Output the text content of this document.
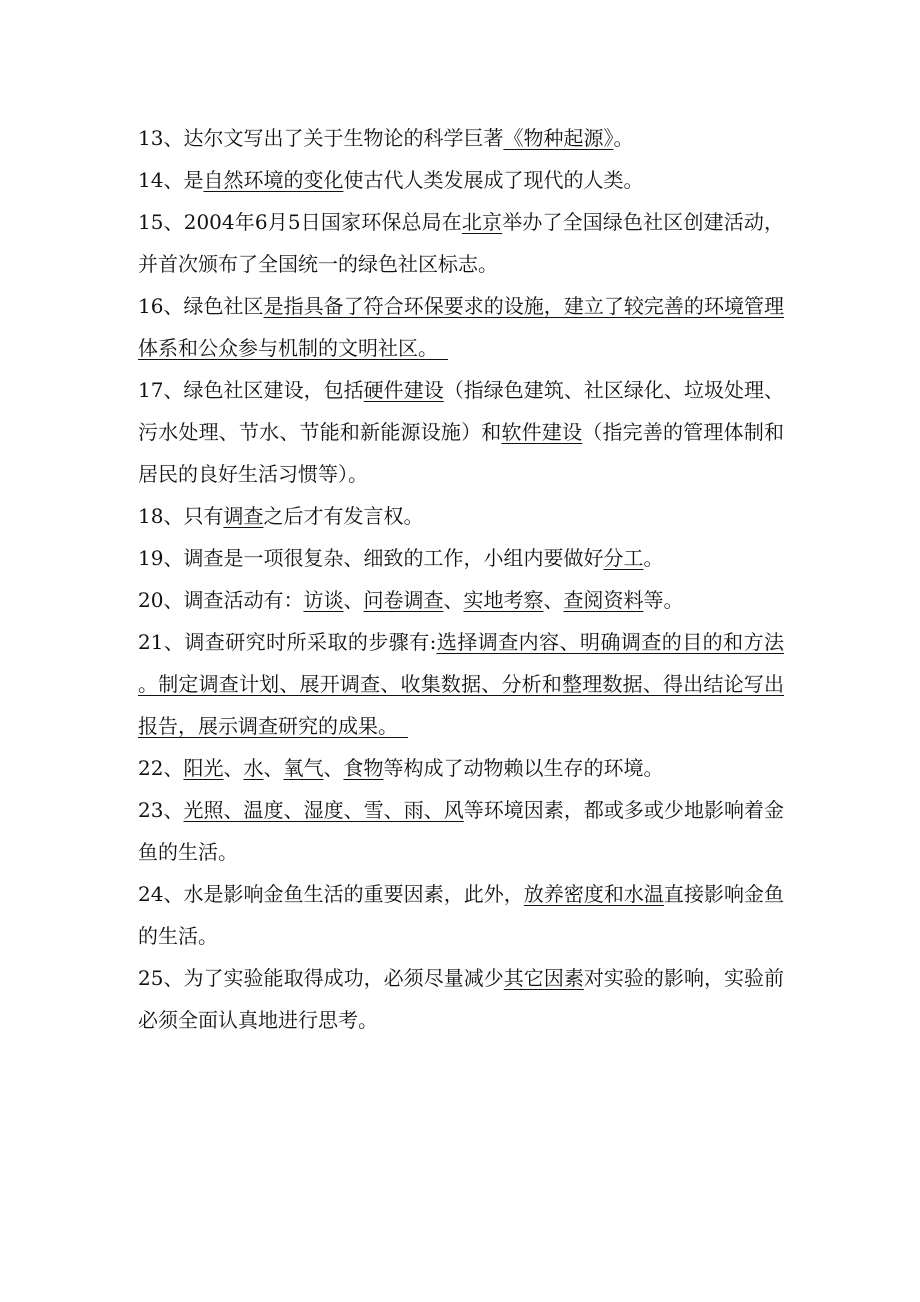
13、达尔文写出了关于生物论的科学巨著《物种起源》。

14、是自然环境的变化使古代人类发展成了现代的人类。

15、2004年6月5日国家环保总局在北京举办了全国绿色社区创建活动，并首次颁布了全国统一的绿色社区标志。

16、绿色社区是指具备了符合环保要求的设施，建立了较完善的环境管理体系和公众参与机制的文明社区。　

17、绿色社区建设，包括硬件建设（指绿色建筑、社区绿化、垃圾处理、污水处理、节水、节能和新能源设施）和软件建设（指完善的管理体制和居民的良好生活习惯等）。

18、只有调查之后才有发言权。

19、调查是一项很复杂、细致的工作，小组内要做好分工。

20、调查活动有：访谈、问卷调查、实地考察、查阅资料等。

21、调查研究时所采取的步骤有:选择调查内容、明确调查的目的和方法。制定调查计划、展开调查、收集数据、分析和整理数据、得出结论写出报告，展示调查研究的成果。　

22、阳光、水、氧气、食物等构成了动物赖以生存的环境。

23、光照、温度、湿度、雪、雨、风等环境因素，都或多或少地影响着金鱼的生活。

24、水是影响金鱼生活的重要因素，此外，放养密度和水温直接影响金鱼的生活。

25、为了实验能取得成功，必须尽量减少其它因素对实验的影响，实验前必须全面认真地进行思考。
